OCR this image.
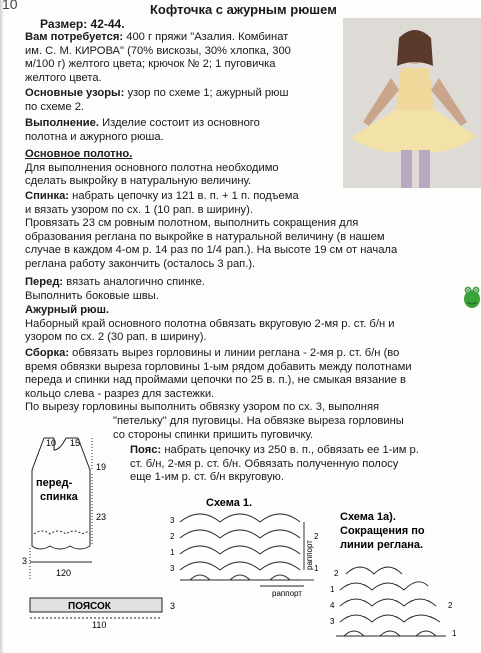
10	Кофточка с ажурным рюшем
Размер: 42-44.
Вам потребуется: 400 г пряжи "Азалия. Комбинат
им. С. М. КИРОВА" (70% вискозы, 30% хлопка, 300
м/100 г) желтого цвета; крючок № 2; 1 пуговичка
желтого цвета.
Основные узоры: узор по схеме 1; ажурный рюш
по схеме 2.
Выполнение. Изделие состоит из основного
полотна и ажурного рюша.
Основное полотно.
Для выполнения основного полотна необходимо
сделать выкройку в натуральную величину.
Спинка: набрать цепочку из 121 в. п. + 1 п. подъема
и вязать узором по сх. 1 (10 рап. в ширину).
Провязать 23 см ровным полотном, выполнить сокращения для
образования реглана по выкройке в натуральной величину (в нашем
случае в каждом 4-ом р. 14 раз по 1/4 рап.). На высоте 19 см от начала
реглана работу закончить (осталось 3 рап.).
Перед: вязать аналогично спинке.
Выполнить боковые швы.
Ажурный рюш.
Наборный край основного полотна обвязать вкруговую 2-мя р. ст. б/н и
узором по сх. 2 (30 рап. в ширину).
Сборка: обвязать вырез горловины и линии реглана - 2-мя р. ст. б/н (во
время обвязки выреза горловины 1-ым рядом добавить между полотнами
переда и спинки над проймами цепочки по 25 в. п.), не смыкая вязание в
кольцо слева - разрез для застежки.
По вырезу горловины выполнить обвязку узором по сх. 3, выполняя
"петельку" для пуговицы. На обвязке выреза горловины
со стороны спинки пришить пуговичку.
Пояс: набрать цепочку из 250 в. п., обвязать ее 1-им р.
ст. б/н, 2-мя р. ст. б/н. Обвязать полученную полосу
еще 1-им р. ст. б/н вкруговую.
10 15
19
23
3
120
перед-
спинка
ПОЯСОК	3
110
Схема 1.
3
2
1
3
2
1
раппорт
раппорт
Схема 1а).
Сокращения по
линии реглана.
2
1
4
3
2
1
